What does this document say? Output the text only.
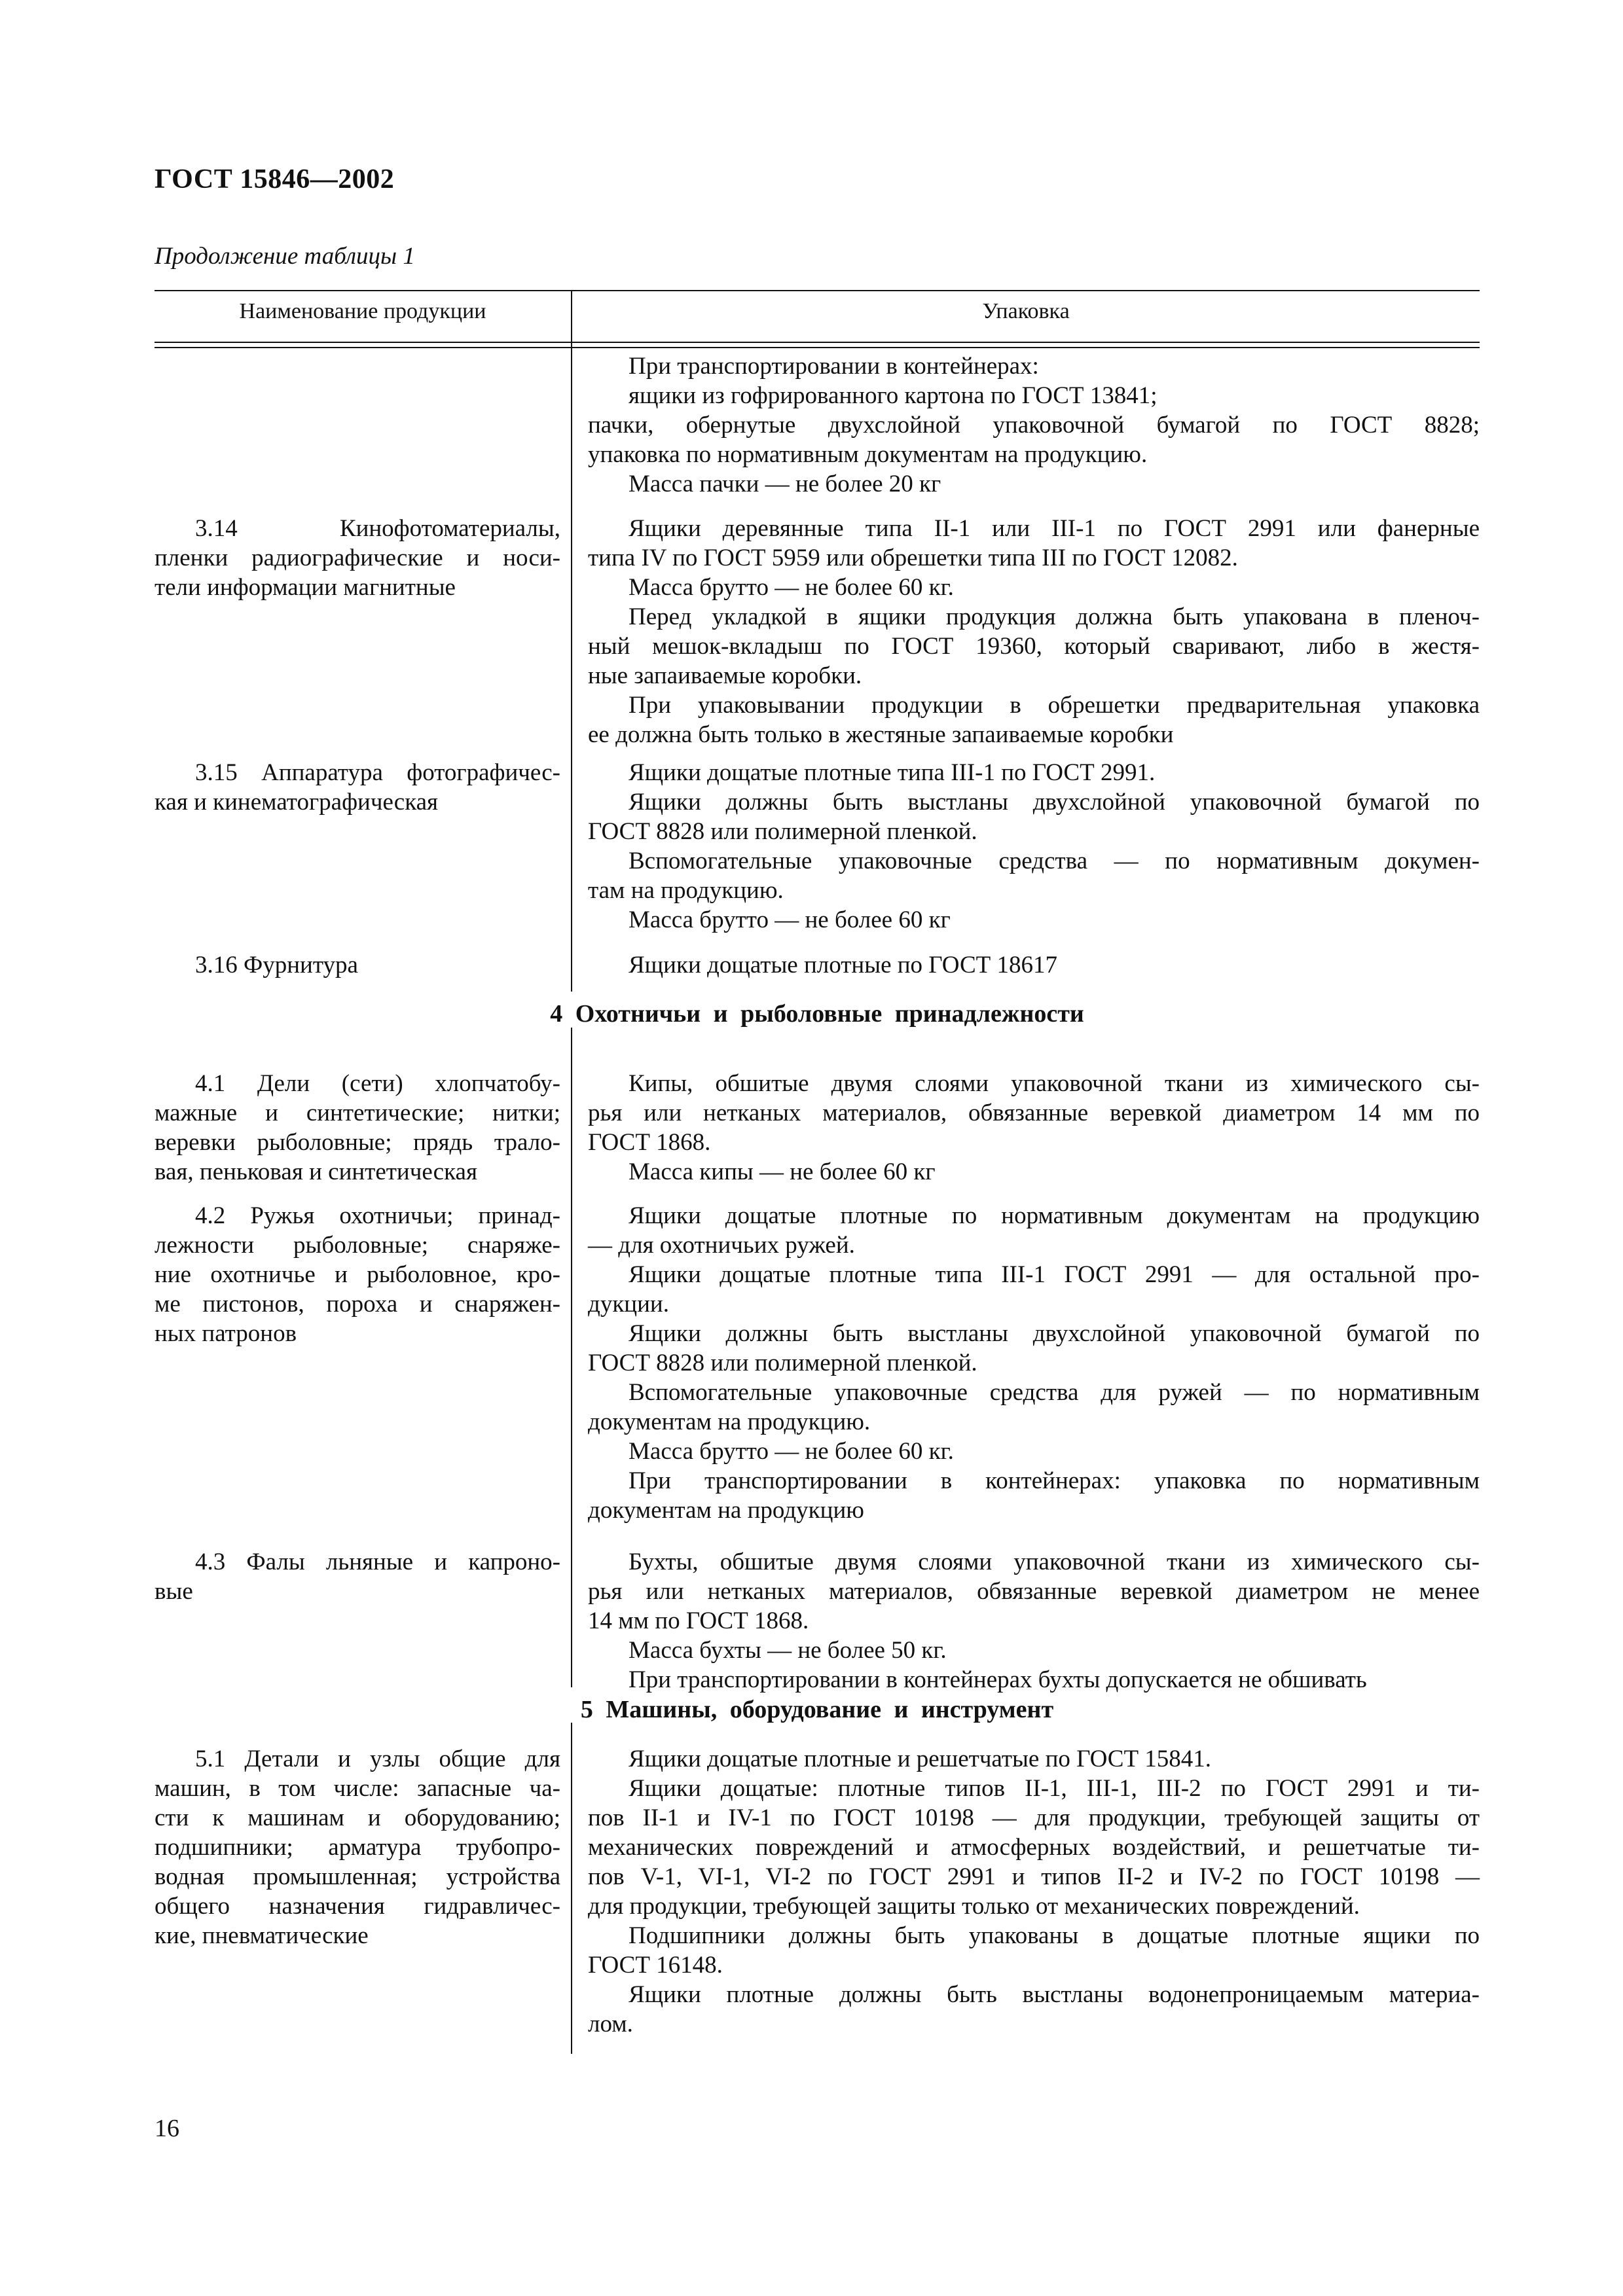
ГОСТ 15846—2002
Продолжение таблицы 1
Наименование продукции	Упаковка
При транспортировании в контейнерах:
ящики из гофрированного картона по ГОСТ 13841;
пачки, обернутые двухслойной упаковочной бумагой по ГОСТ 8828;
упаковка по нормативным документам на продукцию.
Масса пачки — не более 20 кг
3.14 Кинофотоматериалы,
пленки радиографические и носи-
тели информации магнитные
Ящики деревянные типа II-1 или III-1 по ГОСТ 2991 или фанерные
типа IV по ГОСТ 5959 или обрешетки типа III по ГОСТ 12082.
Масса брутто — не более 60 кг.
Перед укладкой в ящики продукция должна быть упакована в пленоч-
ный мешок-вкладыш по ГОСТ 19360, который сваривают, либо в жестя-
ные запаиваемые коробки.
При упаковывании продукции в обрешетки предварительная упаковка
ее должна быть только в жестяные запаиваемые коробки
3.15 Аппаратура фотографичес-
кая и кинематографическая
Ящики дощатые плотные типа III-1 по ГОСТ 2991.
Ящики должны быть выстланы двухслойной упаковочной бумагой по
ГОСТ 8828 или полимерной пленкой.
Вспомогательные упаковочные средства — по нормативным докумен-
там на продукцию.
Масса брутто — не более 60 кг
3.16 Фурнитура	Ящики дощатые плотные по ГОСТ 18617
4 Охотничьи и рыболовные принадлежности
4.1 Дели (сети) хлопчатобу-
мажные и синтетические; нитки;
веревки рыболовные; прядь трало-
вая, пеньковая и синтетическая
Кипы, обшитые двумя слоями упаковочной ткани из химического сы-
рья или нетканых материалов, обвязанные веревкой диаметром 14 мм по
ГОСТ 1868.
Масса кипы — не более 60 кг
4.2 Ружья охотничьи; принад-
лежности рыболовные; снаряже-
ние охотничье и рыболовное, кро-
ме пистонов, пороха и снаряжен-
ных патронов
Ящики дощатые плотные по нормативным документам на продукцию
— для охотничьих ружей.
Ящики дощатые плотные типа III-1 ГОСТ 2991 — для остальной про-
дукции.
Ящики должны быть выстланы двухслойной упаковочной бумагой по
ГОСТ 8828 или полимерной пленкой.
Вспомогательные упаковочные средства для ружей — по нормативным
документам на продукцию.
Масса брутто — не более 60 кг.
При транспортировании в контейнерах: упаковка по нормативным
документам на продукцию
4.3 Фалы льняные и капроно-
вые
Бухты, обшитые двумя слоями упаковочной ткани из химического сы-
рья или нетканых материалов, обвязанные веревкой диаметром не менее
14 мм по ГОСТ 1868.
Масса бухты — не более 50 кг.
При транспортировании в контейнерах бухты допускается не обшивать
5 Машины, оборудование и инструмент
5.1 Детали и узлы общие для
машин, в том числе: запасные ча-
сти к машинам и оборудованию;
подшипники; арматура трубопро-
водная промышленная; устройства
общего назначения гидравличес-
кие, пневматические
Ящики дощатые плотные и решетчатые по ГОСТ 15841.
Ящики дощатые: плотные типов II-1, III-1, III-2 по ГОСТ 2991 и ти-
пов II-1 и IV-1 по ГОСТ 10198 — для продукции, требующей защиты от
механических повреждений и атмосферных воздействий, и решетчатые ти-
пов V-1, VI-1, VI-2 по ГОСТ 2991 и типов II-2 и IV-2 по ГОСТ 10198 —
для продукции, требующей защиты только от механических повреждений.
Подшипники должны быть упакованы в дощатые плотные ящики по
ГОСТ 16148.
Ящики плотные должны быть выстланы водонепроницаемым материа-
лом.
16
